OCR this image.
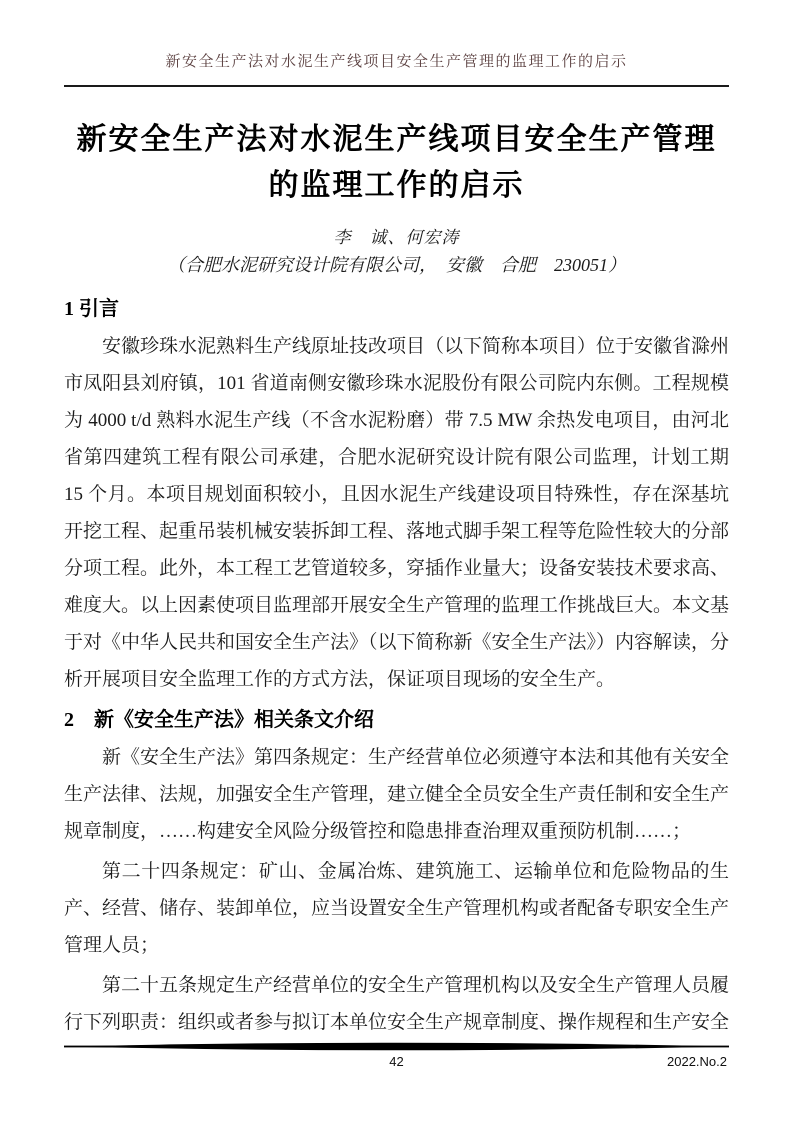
新安全生产法对水泥生产线项目安全生产管理的监理工作的启示
新安全生产法对水泥生产线项目安全生产管理
的监理工作的启示
李　诚、何宏涛
（合肥水泥研究设计院有限公司，　安徽　合肥　230051）
1 引言

安徽珍珠水泥熟料生产线原址技改项目（以下简称本项目）位于安徽省滁州市凤阳县刘府镇，101 省道南侧安徽珍珠水泥股份有限公司院内东侧。工程规模为 4000 t/d 熟料水泥生产线（不含水泥粉磨）带 7.5 MW 余热发电项目，由河北省第四建筑工程有限公司承建，合肥水泥研究设计院有限公司监理，计划工期 15 个月。本项目规划面积较小，且因水泥生产线建设项目特殊性，存在深基坑开挖工程、起重吊装机械安装拆卸工程、落地式脚手架工程等危险性较大的分部分项工程。此外，本工程工艺管道较多，穿插作业量大；设备安装技术要求高、难度大。以上因素使项目监理部开展安全生产管理的监理工作挑战巨大。本文基于对《中华人民共和国安全生产法》（以下简称新《安全生产法》）内容解读，分析开展项目安全监理工作的方式方法，保证项目现场的安全生产。

2　新《安全生产法》相关条文介绍

新《安全生产法》第四条规定：生产经营单位必须遵守本法和其他有关安全生产法律、法规，加强安全生产管理，建立健全全员安全生产责任制和安全生产规章制度，……构建安全风险分级管控和隐患排查治理双重预防机制……；

第二十四条规定：矿山、金属冶炼、建筑施工、运输单位和危险物品的生产、经营、储存、装卸单位，应当设置安全生产管理机构或者配备专职安全生产管理人员；

第二十五条规定生产经营单位的安全生产管理机构以及安全生产管理人员履行下列职责：组织或者参与拟订本单位安全生产规章制度、操作规程和生产安全

42	2022.No.2
